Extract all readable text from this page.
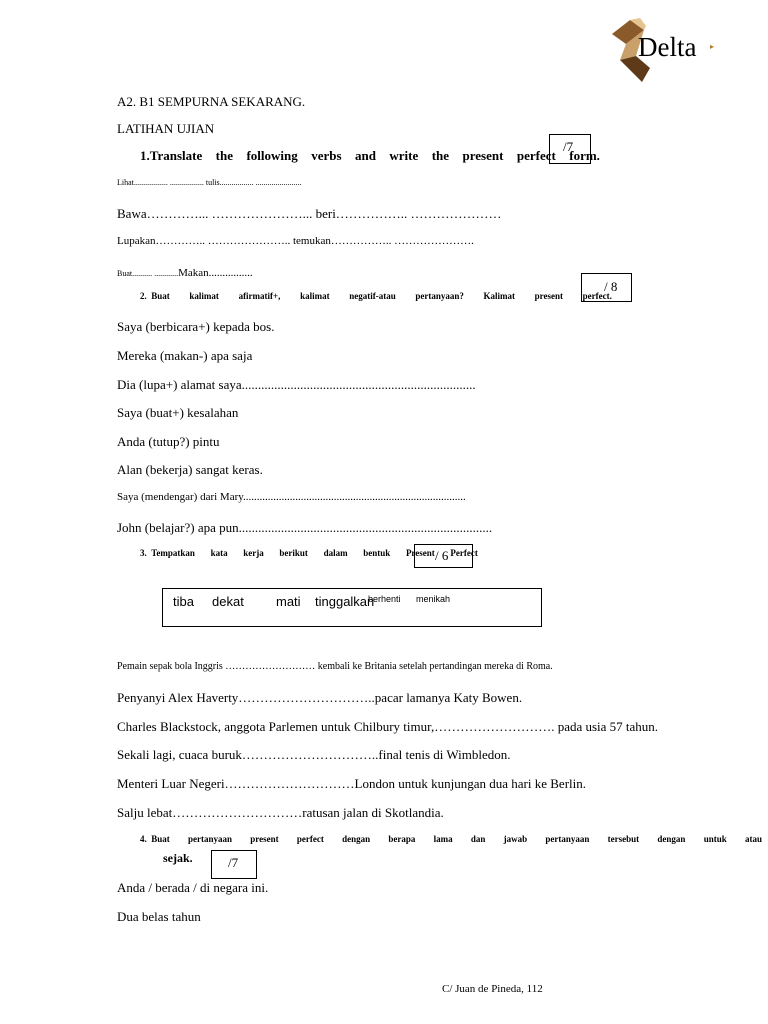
Delta ▸
A2. B1 SEMPURNA SEKARANG.
LATIHAN UJIAN
1.Translate the following verbs and write the present perfect form.
/7
Lihat................. ................. tulis................. .......................
Bawa…………... …………………... beri…………….. …………………
Lupakan………….. ………………….. temukan…………….. ………………….
Buat.......... ............Makan................
2. Buat kalimat afirmatif+, kalimat negatif-atau pertanyaan? Kalimat present perfect.
/ 8
Saya (berbicara+) kepada bos.
Mereka (makan-) apa saja
Dia (lupa+) alamat saya........................................................................
Saya (buat+) kesalahan
Anda (tutup?) pintu
Alan (bekerja) sangat keras.
Saya (mendengar) dari Mary.................................................................................
John (belajar?) apa pun..............................................................................
3. Tempatkan kata kerja berikut dalam bentuk Present Perfect
/ 6
tiba dekat mati tinggalkan
berhenti menikah
Pemain sepak bola Inggris ……………………… kembali ke Britania setelah pertandingan mereka di Roma.
Penyanyi Alex Haverty…………………………..pacar lamanya Katy Bowen.
Charles Blackstock, anggota Parlemen untuk Chilbury timur,………………………. pada usia 57 tahun.
Sekali lagi, cuaca buruk…………………………..final tenis di Wimbledon.
Menteri Luar Negeri…………………………London untuk kunjungan dua hari ke Berlin.
Salju lebat…………………………ratusan jalan di Skotlandia.
4. Buat pertanyaan present perfect dengan berapa lama dan jawab pertanyaan tersebut dengan untuk atau
sejak.	/7
Anda / berada / di negara ini.
Dua belas tahun
C/ Juan de Pineda, 112
